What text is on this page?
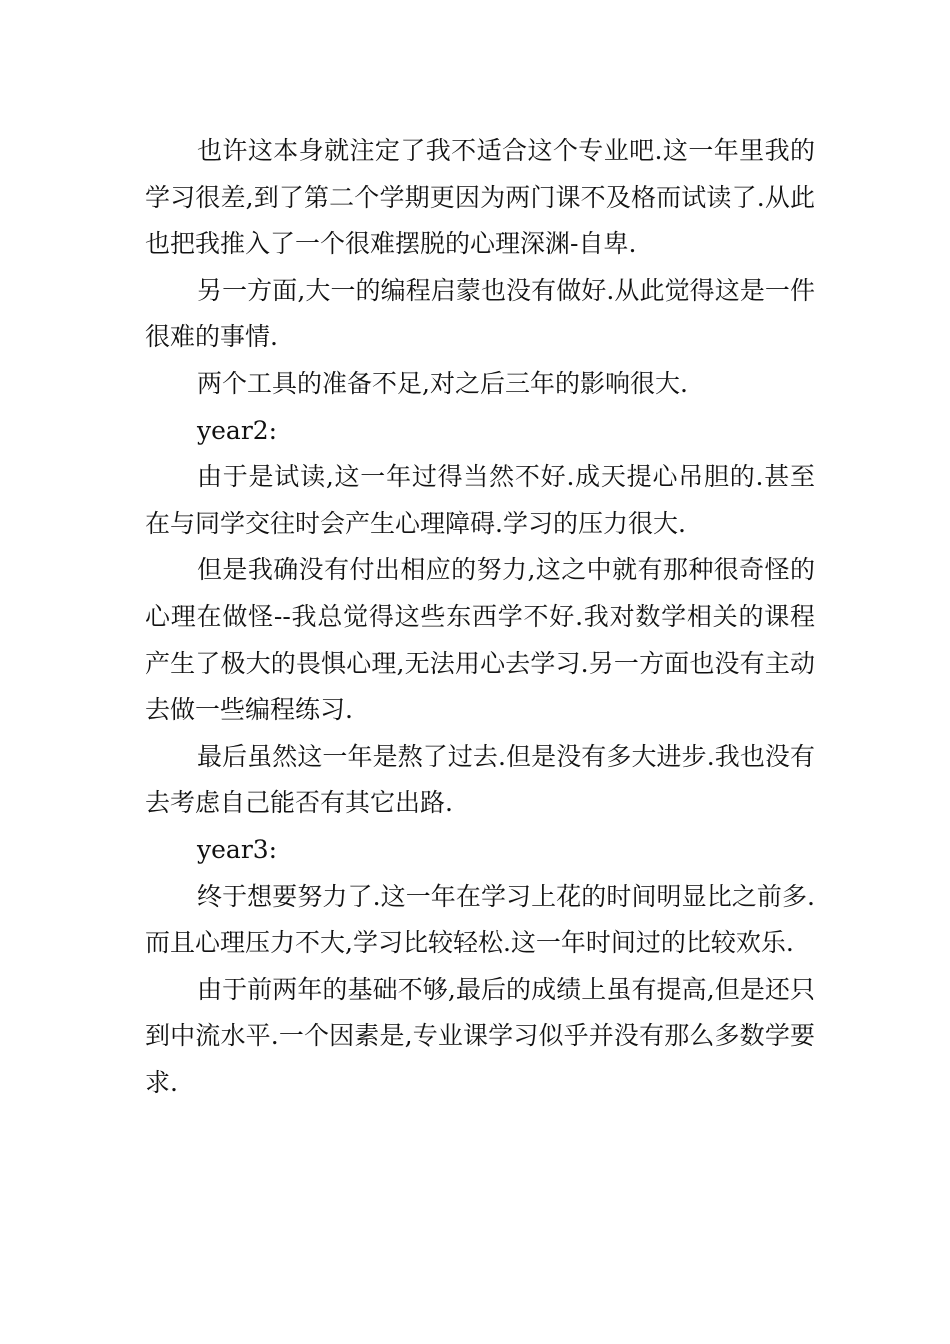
也许这本身就注定了我不适合这个专业吧.这一年里我的学习很差,到了第二个学期更因为两门课不及格而试读了.从此也把我推入了一个很难摆脱的心理深渊-自卑.

另一方面,大一的编程启蒙也没有做好.从此觉得这是一件很难的事情.

两个工具的准备不足,对之后三年的影响很大.

year2:

由于是试读,这一年过得当然不好.成天提心吊胆的.甚至在与同学交往时会产生心理障碍.学习的压力很大.

但是我确没有付出相应的努力,这之中就有那种很奇怪的心理在做怪--我总觉得这些东西学不好.我对数学相关的课程产生了极大的畏惧心理,无法用心去学习.另一方面也没有主动去做一些编程练习.

最后虽然这一年是熬了过去.但是没有多大进步.我也没有去考虑自己能否有其它出路.

year3:

终于想要努力了.这一年在学习上花的时间明显比之前多.而且心理压力不大,学习比较轻松.这一年时间过的比较欢乐.

由于前两年的基础不够,最后的成绩上虽有提高,但是还只到中流水平.一个因素是,专业课学习似乎并没有那么多数学要求.
